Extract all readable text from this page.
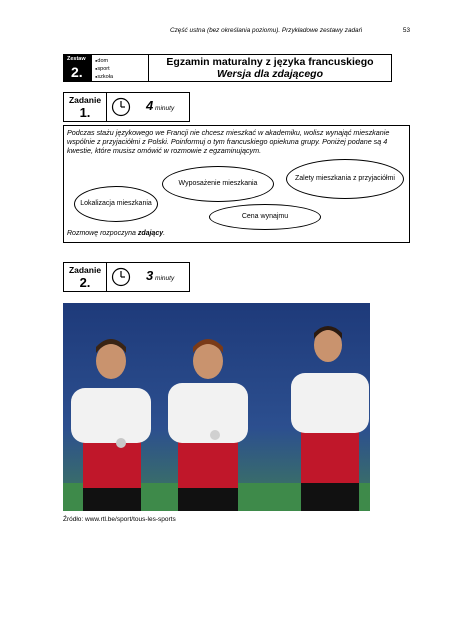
Część ustna (bez określania poziomu). Przykładowe zestawy zadań	53
Zestaw
2.
● dom
● sport
● szkoła
Egzamin maturalny z języka francuskiego
Wersja dla zdającego
Zadanie
1.	4 minuty
Podczas stażu językowego we Francji nie chcesz mieszkać w akademiku, wolisz wynająć mieszkanie wspólnie z przyjaciółmi z Polski. Poinformuj o tym francuskiego opiekuna grupy. Poniżej podane są 4 kwestie, które musisz omówić w rozmowie z egzaminującym.
Lokalizacja mieszkania
Wyposażenie mieszkania
Cena wynajmu
Zalety mieszkania z przyjaciółmi
Rozmowę rozpoczyna zdający.
Zadanie
2.	3 minuty
Źródło: www.rtl.be/sport/tous-les-sports
